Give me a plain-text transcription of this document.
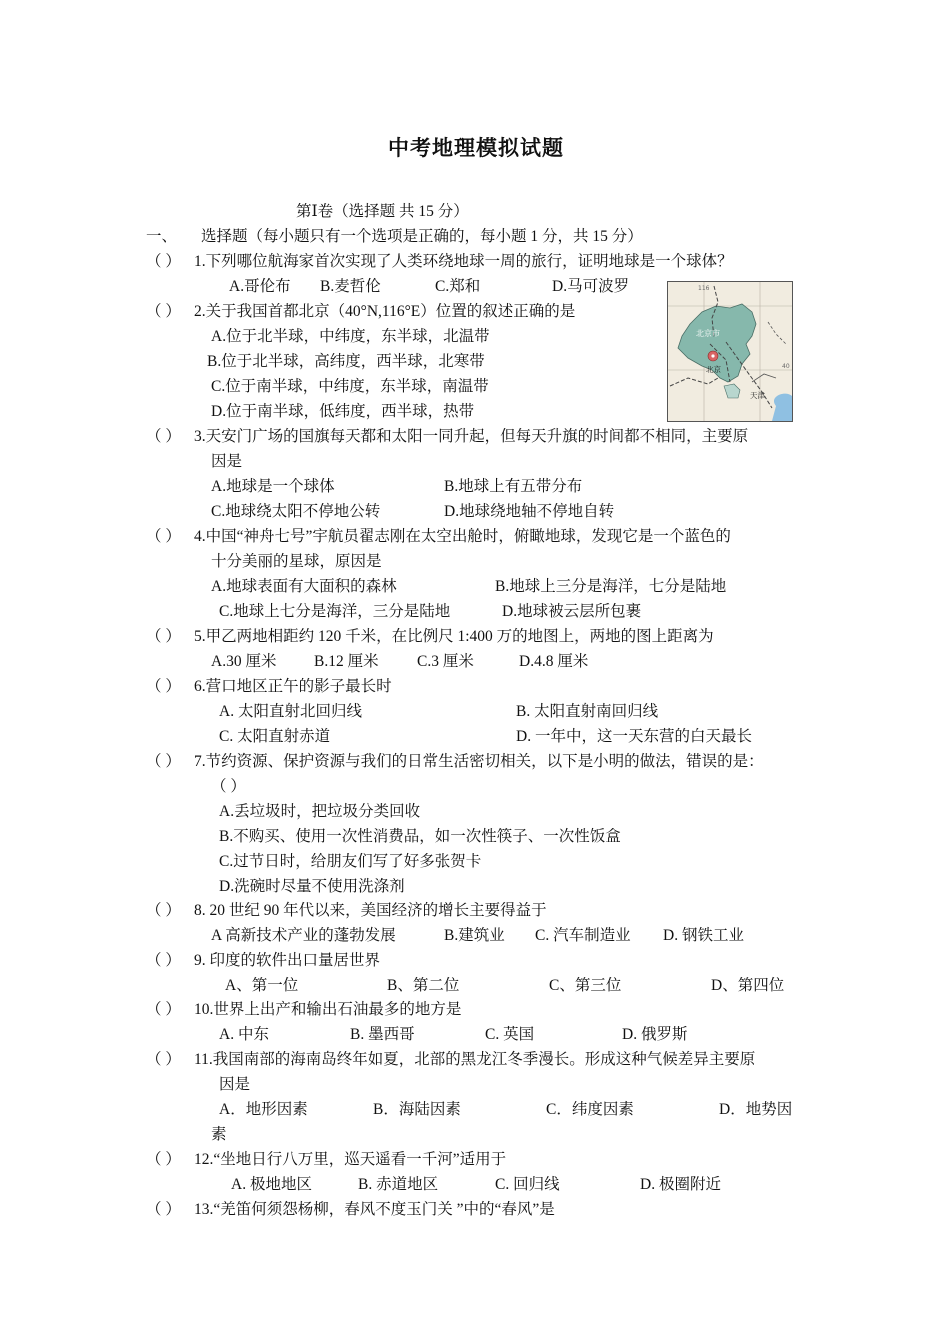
中考地理模拟试题
第Ⅰ卷（选择题 共 15 分）
一、 选择题（每小题只有一个选项是正确的，每小题 1 分，共 15 分）
（ ） 1.下列哪位航海家首次实现了人类环绕地球一周的旅行，证明地球是一个球体？
A.哥伦布 B.麦哲伦	C.郑和	D.马可波罗
（ ） 2.关于我国首都北京（40°N,116°E）位置的叙述正确的是
A.位于北半球，中纬度，东半球，北温带
B.位于北半球，高纬度，西半球，北寒带
C.位于南半球，中纬度，东半球，南温带
D.位于南半球，低纬度，西半球，热带
北京市
北京
天津
116
40
（ ） 3.天安门广场的国旗每天都和太阳一同升起，但每天升旗的时间都不相同，主要原
因是
A.地球是一个球体	B.地球上有五带分布
C.地球绕太阳不停地公转	D.地球绕地轴不停地自转
（ ） 4.中国“神舟七号”宇航员翟志刚在太空出舱时，俯瞰地球，发现它是一个蓝色的
十分美丽的星球，原因是
A.地球表面有大面积的森林	B.地球上三分是海洋，七分是陆地
C.地球上七分是海洋，三分是陆地	D.地球被云层所包裹
（ ） 5.甲乙两地相距约 120 千米，在比例尺 1:400 万的地图上，两地的图上距离为
A.30 厘米 B.12 厘米 C.3 厘米	D.4.8 厘米
（ ） 6.营口地区正午的影子最长时
A. 太阳直射北回归线	B. 太阳直射南回归线
C. 太阳直射赤道	D. 一年中，这一天东营的白天最长
（ ） 7.节约资源、保护资源与我们的日常生活密切相关，以下是小明的做法，错误的是：
（ ）
A.丢垃圾时，把垃圾分类回收
B.不购买、使用一次性消费品，如一次性筷子、一次性饭盒
C.过节日时，给朋友们写了好多张贺卡
D.洗碗时尽量不使用洗涤剂
（ ） 8. 20 世纪 90 年代以来，美国经济的增长主要得益于
A 高新技术产业的蓬勃发展	B.建筑业 C. 汽车制造业 D. 钢铁工业
（ ） 9. 印度的软件出口量居世界
A、第一位	B、第二位	C、第三位	D、第四位
（ ） 10.世界上出产和输出石油最多的地方是
A. 中东	B. 墨西哥	C. 英国	D. 俄罗斯
（ ） 11.我国南部的海南岛终年如夏，北部的黑龙江冬季漫长。形成这种气候差异主要原
因是
A．地形因素	B．海陆因素	C．纬度因素	D．地势因
素
（ ） 12.“坐地日行八万里，巡天遥看一千河”适用于
A. 极地地区	B. 赤道地区	C. 回归线	D. 极圈附近
（ ） 13.“羌笛何须怨杨柳，春风不度玉门关 ”中的“春风”是
